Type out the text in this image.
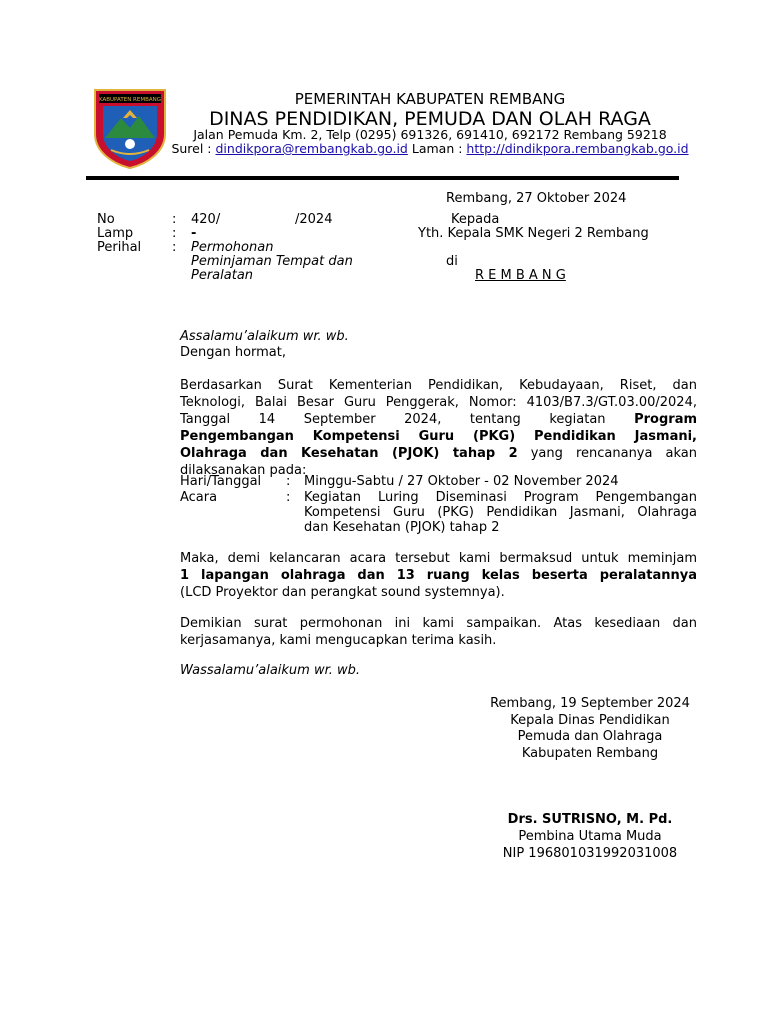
KABUPATEN REMBANG	PEMERINTAH KABUPATEN REMBANG
DINAS PENDIDIKAN, PEMUDA DAN OLAH RAGA
Jalan Pemuda Km. 2, Telp (0295) 691326, 691410, 692172 Rembang 59218
Surel : dindikpora@rembangkab.go.id Laman : http://dindikpora.rembangkab.go.id
Rembang, 27 Oktober 2024
No	: 420/	/2024
Lamp	: -
Perihal : Permohonan
Peminjaman Tempat dan
Peralatan
Kepada
Yth. Kepala SMK Negeri 2 Rembang
di
R E M B A N G
Assalamu’alaikum wr. wb.
Dengan hormat,
Berdasarkan Surat Kementerian Pendidikan, Kebudayaan, Riset, dan
Teknologi, Balai Besar Guru Penggerak, Nomor: 4103/B7.3/GT.03.00/2024,
Tanggal 14 September 2024, tentang kegiatan Program
Pengembangan Kompetensi Guru (PKG) Pendidikan Jasmani,
Olahraga dan Kesehatan (PJOK) tahap 2 yang rencananya akan
dilaksanakan pada:
Hari/Tanggal : Minggu-Sabtu / 27 Oktober - 02 November 2024
Acara	: Kegiatan Luring Diseminasi Program Pengembangan
Kompetensi Guru (PKG) Pendidikan Jasmani, Olahraga
dan Kesehatan (PJOK) tahap 2
Maka, demi kelancaran acara tersebut kami bermaksud untuk meminjam
1 lapangan olahraga dan 13 ruang kelas beserta peralatannya
(LCD Proyektor dan perangkat sound systemnya).
Demikian surat permohonan ini kami sampaikan. Atas kesediaan dan
kerjasamanya, kami mengucapkan terima kasih.
Wassalamu’alaikum wr. wb.
Rembang, 19 September 2024
Kepala Dinas Pendidikan
Pemuda dan Olahraga
Kabupaten Rembang
Drs. SUTRISNO, M. Pd.
Pembina Utama Muda
NIP 196801031992031008
